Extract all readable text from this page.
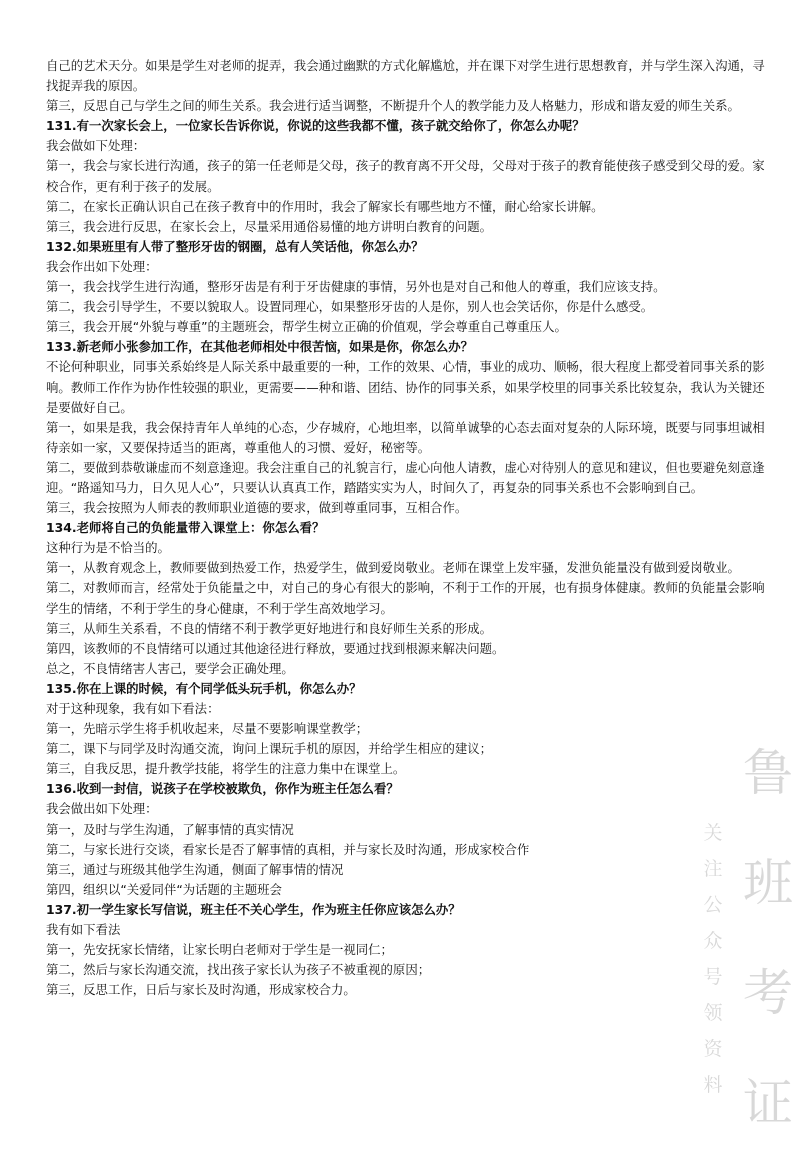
自己的艺术天分。如果是学生对老师的捉弄，我会通过幽默的方式化解尴尬，并在课下对学生进行思想教育，并与学生深入沟通，寻
找捉弄我的原因。
第三，反思自己与学生之间的师生关系。我会进行适当调整，不断提升个人的教学能力及人格魅力，形成和谐友爱的师生关系。
131.有一次家长会上，一位家长告诉你说，你说的这些我都不懂，孩子就交给你了，你怎么办呢？
我会做如下处理：
第一，我会与家长进行沟通，孩子的第一任老师是父母，孩子的教育离不开父母，父母对于孩子的教育能使孩子感受到父母的爱。家
校合作，更有利于孩子的发展。
第二，在家长正确认识自己在孩子教育中的作用时，我会了解家长有哪些地方不懂，耐心给家长讲解。
第三，我会进行反思，在家长会上，尽量采用通俗易懂的地方讲明白教育的问题。
132.如果班里有人带了整形牙齿的钢圈，总有人笑话他，你怎么办？
我会作出如下处理：
第一，我会找学生进行沟通，整形牙齿是有利于牙齿健康的事情，另外也是对自己和他人的尊重，我们应该支持。
第二，我会引导学生，不要以貌取人。设置同理心，如果整形牙齿的人是你，别人也会笑话你，你是什么感受。
第三，我会开展“外貌与尊重”的主题班会，帮学生树立正确的价值观，学会尊重自己尊重压人。
133.新老师小张参加工作，在其他老师相处中很苦恼，如果是你，你怎么办？
不论何种职业，同事关系始终是人际关系中最重要的一种，工作的效果、心情，事业的成功、顺畅，很大程度上都受着同事关系的影
响。教师工作作为协作性较强的职业，更需要——种和谐、团结、协作的同事关系，如果学校里的同事关系比较复杂，我认为关键还
是要做好自己。
第一，如果是我，我会保持青年人单纯的心态，少存城府，心地坦率，以简单诚挚的心态去面对复杂的人际环境，既要与同事坦诚相
待亲如一家，又要保持适当的距离，尊重他人的习惯、爱好，秘密等。
第二，要做到恭敬谦虚而不刻意逢迎。我会注重自己的礼貌言行，虚心向他人请教，虚心对待别人的意见和建议，但也要避免刻意逢
迎。“路遥知马力，日久见人心”，只要认认真真工作，踏踏实实为人，时间久了，再复杂的同事关系也不会影响到自己。
第三，我会按照为人师表的教师职业道德的要求，做到尊重同事，互相合作。
134.老师将自己的负能量带入课堂上：你怎么看？
这种行为是不恰当的。
第一，从教育观念上，教师要做到热爱工作，热爱学生，做到爱岗敬业。老师在课堂上发牢骚，发泄负能量没有做到爱岗敬业。
第二，对教师而言，经常处于负能量之中，对自己的身心有很大的影响，不利于工作的开展，也有损身体健康。教师的负能量会影响
学生的情绪，不利于学生的身心健康，不利于学生高效地学习。
第三，从师生关系看，不良的情绪不利于教学更好地进行和良好师生关系的形成。
第四，该教师的不良情绪可以通过其他途径进行释放，要通过找到根源来解决问题。
总之，不良情绪害人害己，要学会正确处理。
135.你在上课的时候，有个同学低头玩手机，你怎么办？
对于这种现象，我有如下看法：
第一，先暗示学生将手机收起来，尽量不要影响课堂教学；
第二，课下与同学及时沟通交流，询问上课玩手机的原因，并给学生相应的建议；
第三，自我反思，提升教学技能，将学生的注意力集中在课堂上。
136.收到一封信，说孩子在学校被欺负，你作为班主任怎么看？
我会做出如下处理：
第一，及时与学生沟通，了解事情的真实情况
第二，与家长进行交谈，看家长是否了解事情的真相，并与家长及时沟通，形成家校合作
第三，通过与班级其他学生沟通，侧面了解事情的情况
第四，组织以“关爱同伴“为话题的主题班会
137.初一学生家长写信说，班主任不关心学生，作为班主任你应该怎么办？
我有如下看法
第一，先安抚家长情绪，让家长明白老师对于学生是一视同仁；
第二，然后与家长沟通交流，找出孩子家长认为孩子不被重视的原因；
第三，反思工作，日后与家长及时沟通，形成家校合力。
鲁
班
考
证
关
注
公
众
号
领
资
料
